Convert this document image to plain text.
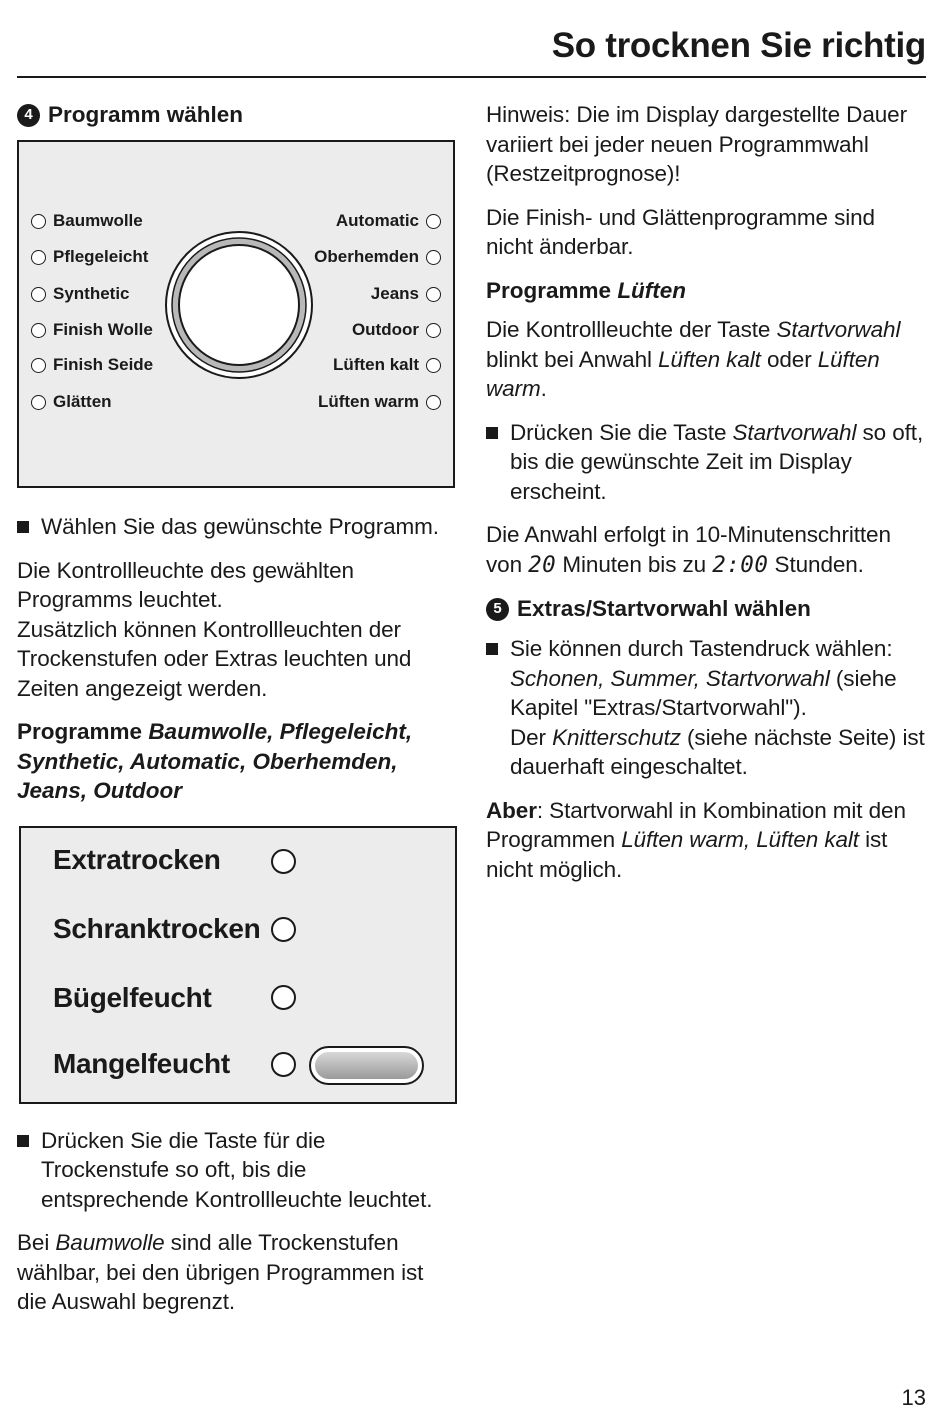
So trocknen Sie richtig
4 Programm wählen
Baumwolle
Pflegeleicht
Synthetic
Finish Wolle
Finish Seide
Glätten
Automatic
Oberhemden
Jeans
Outdoor
Lüften kalt
Lüften warm
Wählen Sie das gewünschte Programm.
Die Kontrollleuchte des gewählten Programms leuchtet.
Zusätzlich können Kontrollleuchten der Trockenstufen oder Extras leuchten und Zeiten angezeigt werden.
Programme Baumwolle, Pflegeleicht, Synthetic, Automatic, Oberhemden, Jeans, Outdoor
Extratrocken
Schranktrocken
Bügelfeucht
Mangelfeucht
Drücken Sie die Taste für die Trockenstufe so oft, bis die entsprechende Kontrollleuchte leuchtet.
Bei Baumwolle sind alle Trockenstufen wählbar, bei den übrigen Programmen ist die Auswahl begrenzt.
Hinweis: Die im Display dargestellte Dauer variiert bei jeder neuen Programmwahl (Restzeitprognose)!
Die Finish- und Glättenprogramme sind nicht änderbar.
Programme Lüften
Die Kontrollleuchte der Taste Startvorwahl blinkt bei Anwahl Lüften kalt oder Lüften warm.
Drücken Sie die Taste Startvorwahl so oft, bis die gewünschte Zeit im Display erscheint.
Die Anwahl erfolgt in 10-Minutenschritten von 20 Minuten bis zu 2:00 Stunden.
5 Extras/Startvorwahl wählen
Sie können durch Tastendruck wählen:
Schonen, Summer, Startvorwahl (siehe Kapitel "Extras/Startvorwahl").
Der Knitterschutz (siehe nächste Seite) ist dauerhaft eingeschaltet.
Aber: Startvorwahl in Kombination mit den Programmen Lüften warm, Lüften kalt ist nicht möglich.
13
